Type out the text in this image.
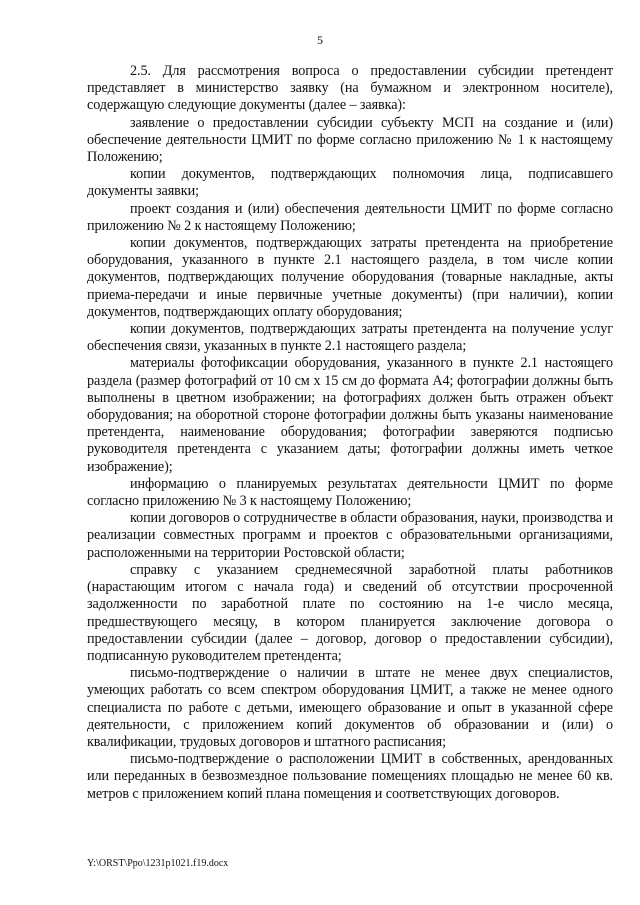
5

2.5. Для рассмотрения вопроса о предоставлении субсидии претендент представляет в министерство заявку (на бумажном и электронном носителе), содержащую следующие документы (далее – заявка):

заявление о предоставлении субсидии субъекту МСП на создание и (или) обеспечение деятельности ЦМИТ по форме согласно приложению № 1 к настоящему Положению;

копии документов, подтверждающих полномочия лица, подписавшего документы заявки;

проект создания и (или) обеспечения деятельности ЦМИТ по форме согласно приложению № 2 к настоящему Положению;

копии документов, подтверждающих затраты претендента на приобретение оборудования, указанного в пункте 2.1 настоящего раздела, в том числе копии документов, подтверждающих получение оборудования (товарные накладные, акты приема-передачи и иные первичные учетные документы) (при наличии), копии документов, подтверждающих оплату оборудования;

копии документов, подтверждающих затраты претендента на получение услуг обеспечения связи, указанных в пункте 2.1 настоящего раздела;

материалы фотофиксации оборудования, указанного в пункте 2.1 настоящего раздела (размер фотографий от 10 см х 15 см до формата А4; фотографии должны быть выполнены в цветном изображении; на фотографиях должен быть отражен объект оборудования; на оборотной стороне фотографии должны быть указаны наименование претендента, наименование оборудования; фотографии заверяются подписью руководителя претендента с указанием даты; фотографии должны иметь четкое изображение);

информацию о планируемых результатах деятельности ЦМИТ по форме согласно приложению № 3 к настоящему Положению;

копии договоров о сотрудничестве в области образования, науки, производства и реализации совместных программ и проектов с образовательными организациями, расположенными на территории Ростовской области;

справку с указанием среднемесячной заработной платы работников (нарастающим итогом с начала года) и сведений об отсутствии просроченной задолженности по заработной плате по состоянию на 1-е число месяца, предшествующего месяцу, в котором планируется заключение договора о предоставлении субсидии (далее – договор, договор о предоставлении субсидии), подписанную руководителем претендента;

письмо-подтверждение о наличии в штате не менее двух специалистов, умеющих работать со всем спектром оборудования ЦМИТ, а также не менее одного специалиста по работе с детьми, имеющего образование и опыт в указанной сфере деятельности, с приложением копий документов об образовании и (или) о квалификации, трудовых договоров и штатного расписания;

письмо-подтверждение о расположении ЦМИТ в собственных, арендованных или переданных в безвозмездное пользование помещениях площадью не менее 60 кв. метров с приложением копий плана помещения и соответствующих договоров.

Y:\ORST\Ppo\1231p1021.f19.docx
